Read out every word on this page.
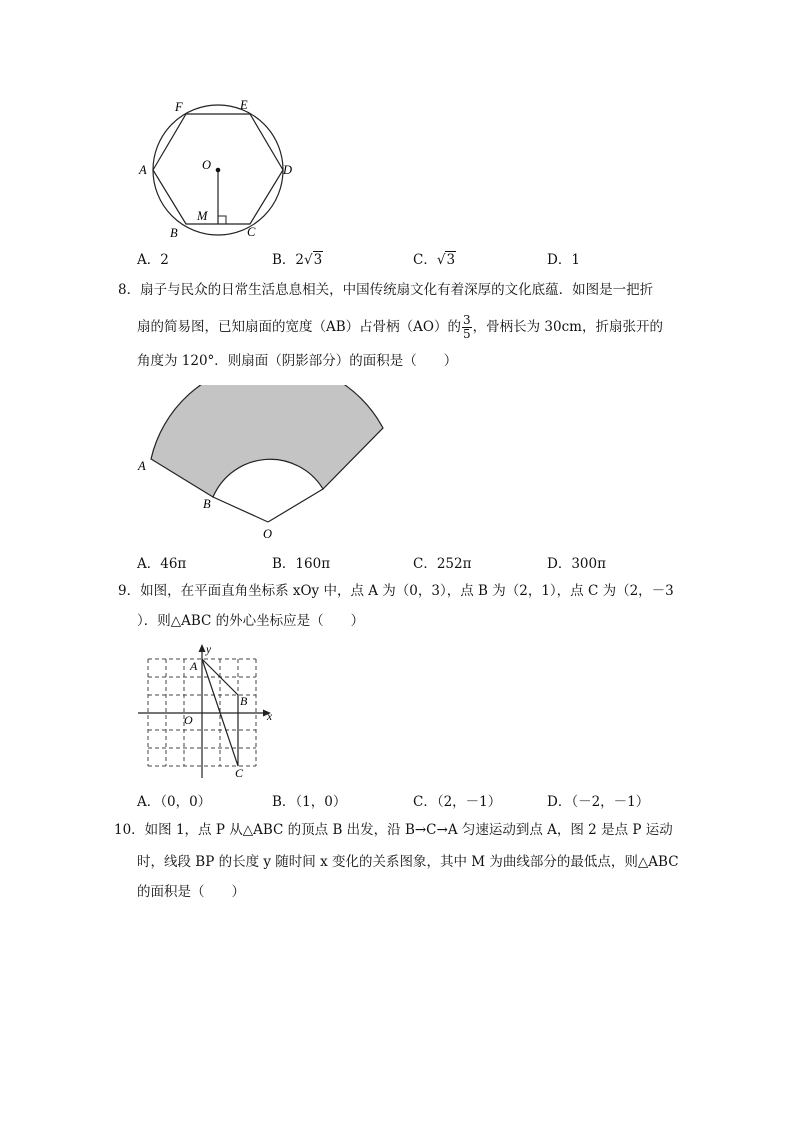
F	E
A	D
O
M
B	C
A．2	B．2√3	C．√3	D．1
8．扇子与民众的日常生活息息相关，中国传统扇文化有着深厚的文化底蕴．如图是一把折
扇的简易图，已知扇面的宽度（AB）占骨柄（AO）的 $\frac{3}{5}$ ，骨柄长为 30cm，折扇张开的
角度为 120°．则扇面（阴影部分）的面积是（　　）
A
B
O
A．46π	B．160π	C．252π	D．300π
9．如图，在平面直角坐标系 xOy 中，点 A 为（0，3），点 B 为（2，1），点 C 为（2，－3
）．则△ABC 的外心坐标应是（　　）
y
x
A
B
O
C
A．（0，0）	B．（1，0）	C．（2，－1）	D．（－2，－1）
10．如图 1，点 P 从△ABC 的顶点 B 出发，沿 B→C→A 匀速运动到点 A，图 2 是点 P 运动
时，线段 BP 的长度 y 随时间 x 变化的关系图象，其中 M 为曲线部分的最低点，则△ABC
的面积是（　　）
